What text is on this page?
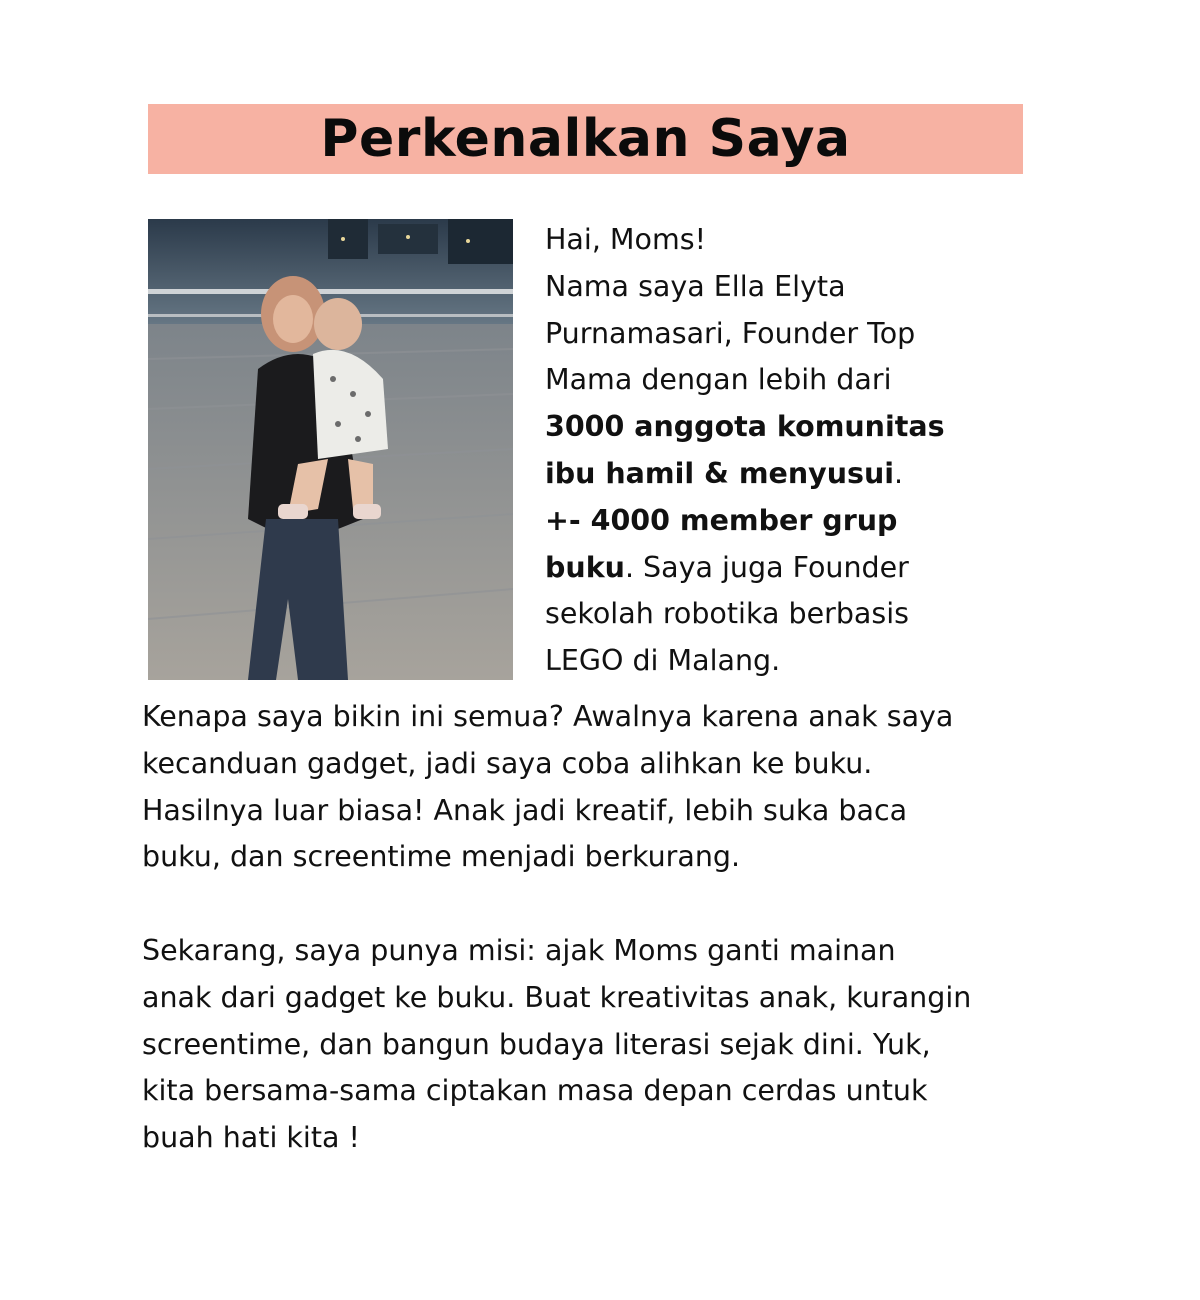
Perkenalkan Saya
Hai, Moms!
Nama saya Ella Elyta
Purnamasari, Founder Top
Mama dengan lebih dari
3000 anggota komunitas
ibu hamil & menyusui.
+- 4000 member grup
buku. Saya juga Founder
sekolah robotika berbasis
LEGO di Malang.
Kenapa saya bikin ini semua? Awalnya karena anak saya
kecanduan gadget, jadi saya coba alihkan ke buku.
Hasilnya luar biasa! Anak jadi kreatif, lebih suka baca
buku, dan screentime menjadi berkurang.
Sekarang, saya punya misi: ajak Moms ganti mainan
anak dari gadget ke buku. Buat kreativitas anak, kurangin
screentime, dan bangun budaya literasi sejak dini. Yuk,
kita bersama-sama ciptakan masa depan cerdas untuk
buah hati kita !
